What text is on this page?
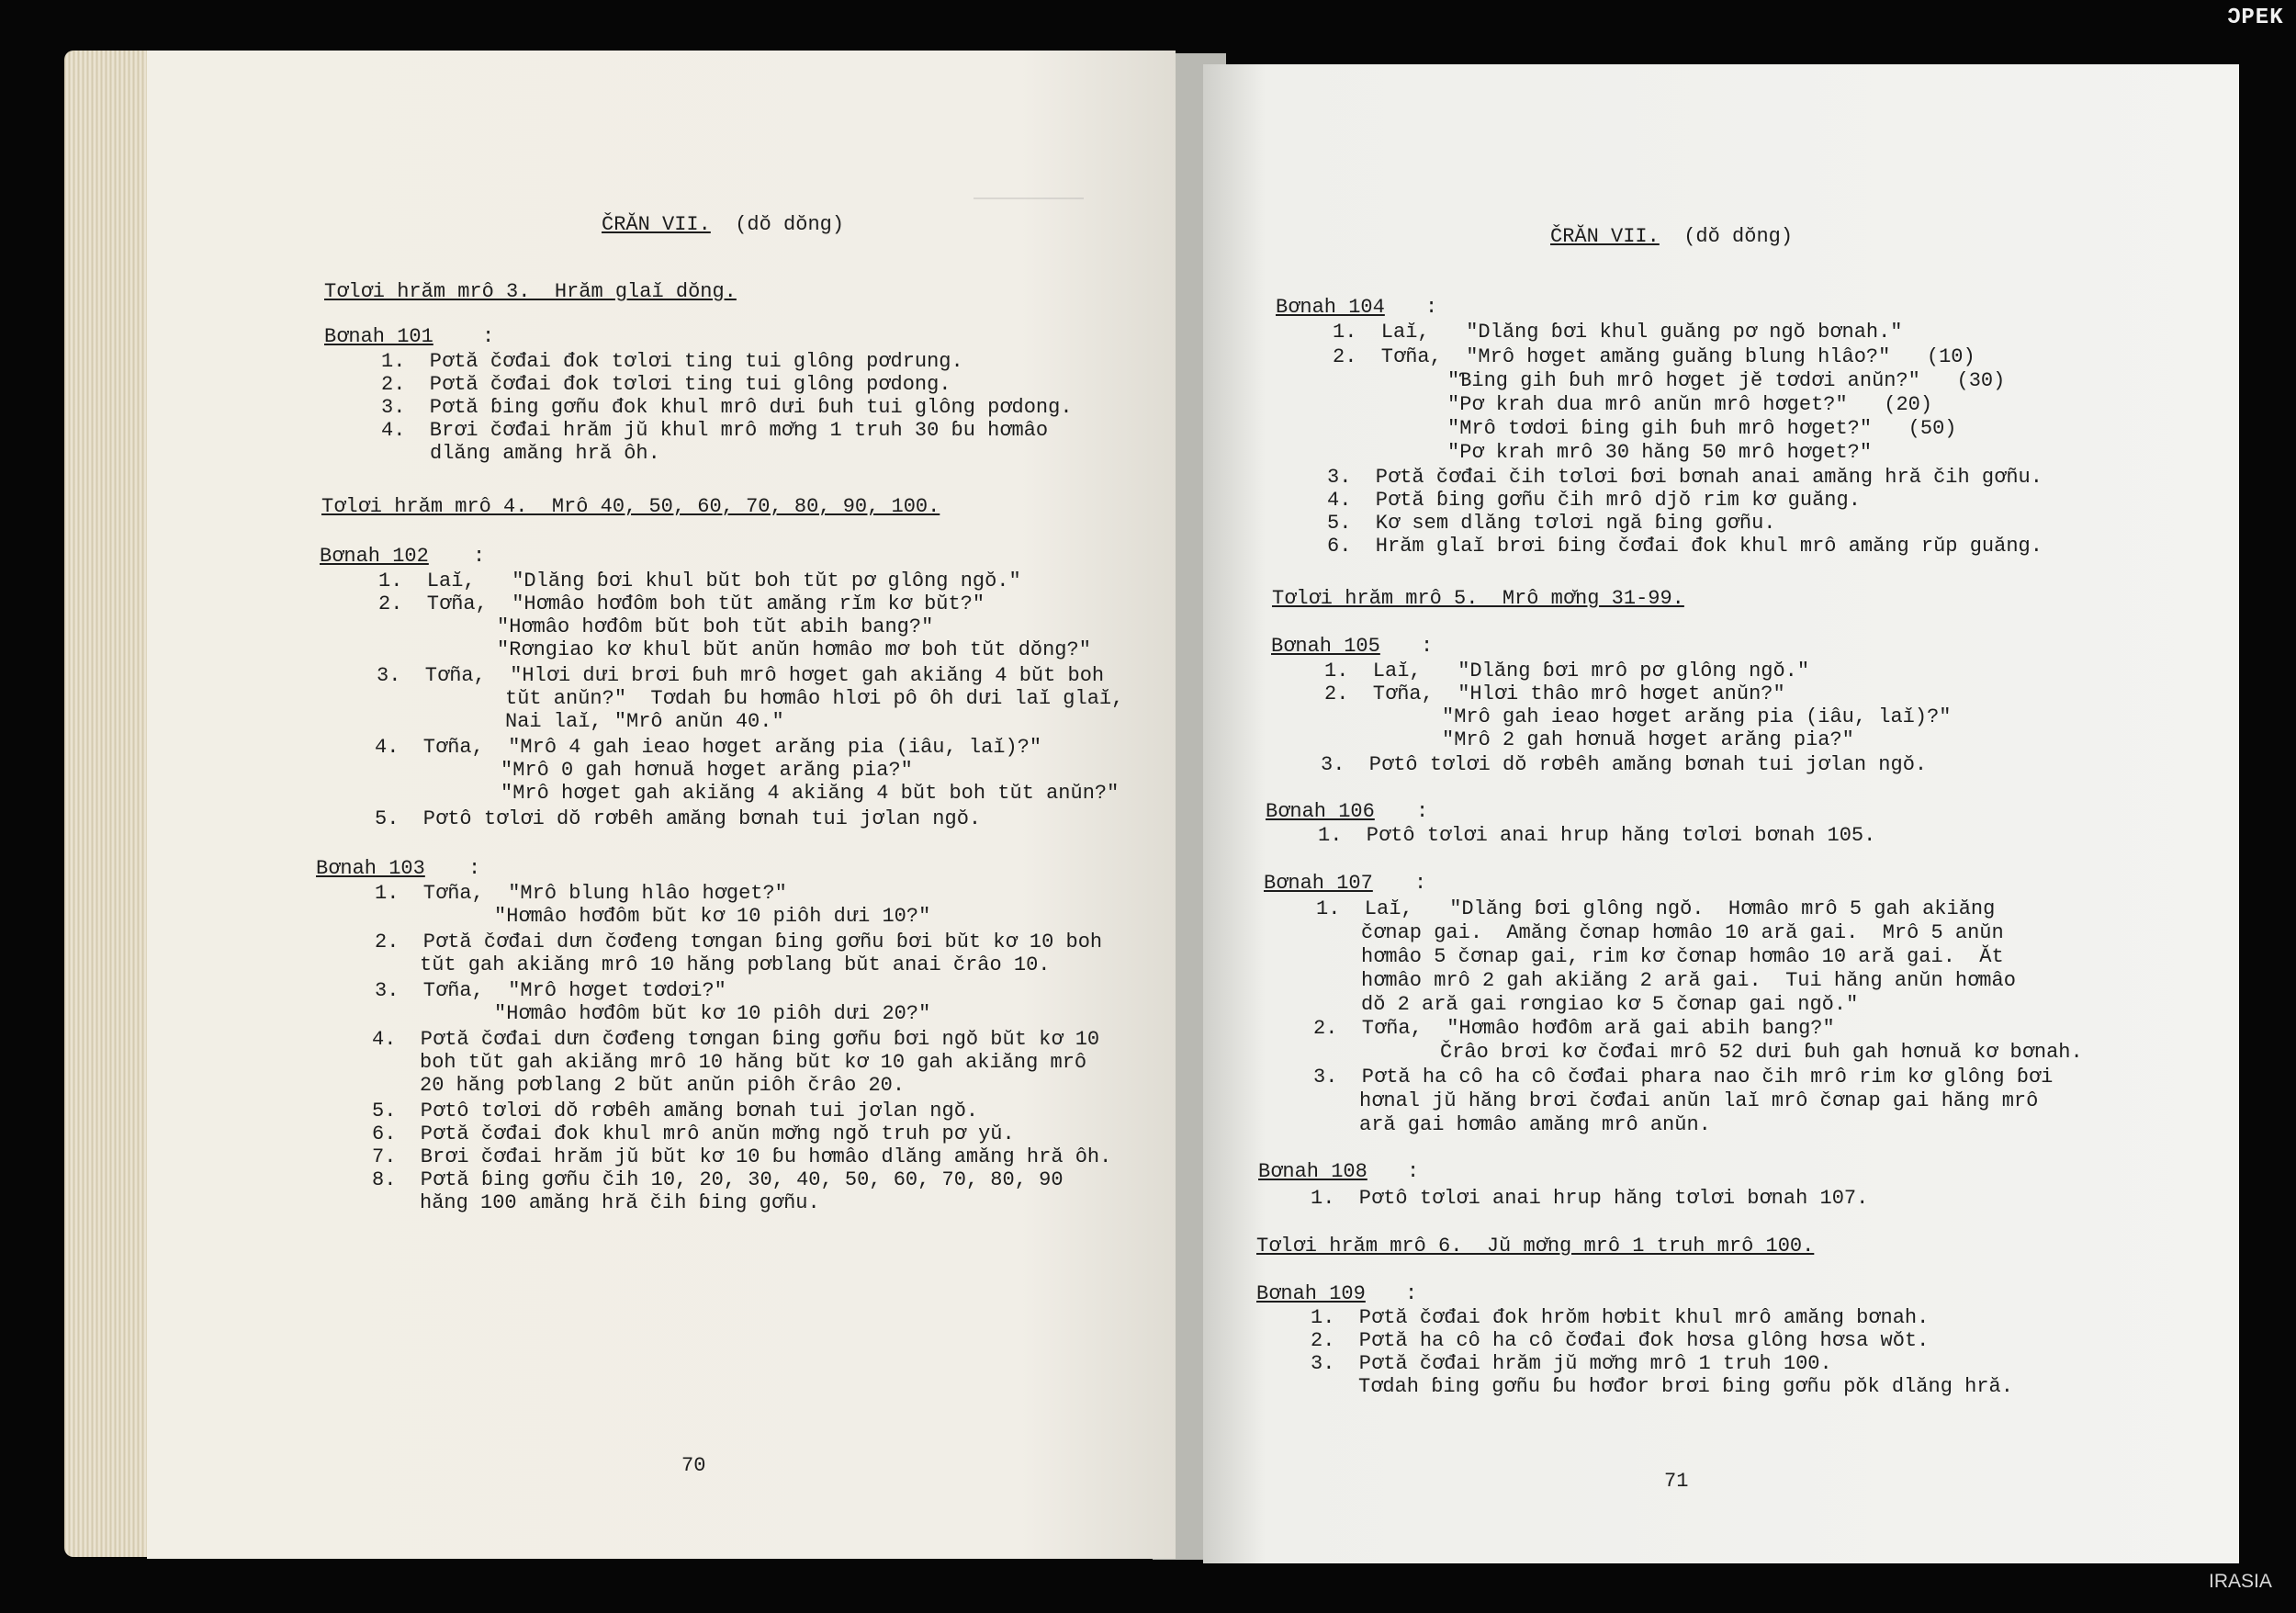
ƆPEK
ČRĂN VII. (dŏ dŏng)
Tơlơi hrăm mrô 3.  Hrăm glaĭ dŏng.
Bơnah 101 :
1.  Pơtă čơđai đok tơlơi ting tui glông pơdrung.
2.  Pơtă čơđai đok tơlơi ting tui glông pơdong.
3.  Pơtă ɓing gơñu đok khul mrô dưi ɓuh tui glông pơdong.
4.  Brơi čơđai hrăm jŭ khul mrô mơ̆ng 1 truh 30 ɓu hơmâo
dlăng amăng hră ôh.
Tơlơi hrăm mrô 4.  Mrô 40, 50, 60, 70, 80, 90, 100.
Bơnah 102 :
1.  Laĭ,   "Dlăng ɓơi khul bŭt boh tŭt pơ glông ngŏ."
2.  Tơña,  "Hơmâo hơđôm boh tŭt amăng rĭm kơ bŭt?"
"Hơmâo hơđôm bŭt boh tŭt abih bang?"
"Rơngiao kơ khul bŭt anŭn hơmâo mơ boh tŭt dŏng?"
3.  Tơña,  "Hlơi dưi brơi ɓuh mrô hơget gah akiăng 4 bŭt boh
tŭt anŭn?"  Tơdah ɓu hơmâo hlơi pô ôh dưi laĭ glaĭ,
Nai laĭ, "Mrô anŭn 40."
4.  Tơña,  "Mrô 4 gah ieao hơget arăng pia (iâu, laĭ)?"
"Mrô 0 gah hơnuă hơget arăng pia?"
"Mrô hơget gah akiăng 4 akiăng 4 bŭt boh tŭt anŭn?"
5.  Pơtô tơlơi dŏ rơbêh amăng bơnah tui jơlan ngŏ.
Bơnah 103 :
1.  Tơña,  "Mrô blung hlâo hơget?"
"Hơmâo hơđôm bŭt kơ 10 piôh dưi 10?"
2.  Pơtă čơđai dưn čơđeng tơngan ɓing gơñu ɓơi bŭt kơ 10 boh
tŭt gah akiăng mrô 10 hăng pơblang bŭt anai črâo 10.
3.  Tơña,  "Mrô hơget tơdơi?"
"Hơmâo hơđôm bŭt kơ 10 piôh dưi 20?"
4.  Pơtă čơđai dưn čơđeng tơngan ɓing gơñu ɓơi ngŏ bŭt kơ 10
boh tŭt gah akiăng mrô 10 hăng bŭt kơ 10 gah akiăng mrô
20 hăng pơblang 2 bŭt anŭn piôh črâo 20.
5.  Pơtô tơlơi dŏ rơbêh amăng bơnah tui jơlan ngŏ.
6.  Pơtă čơđai đok khul mrô anŭn mơ̆ng ngŏ truh pơ yŭ.
7.  Brơi čơđai hrăm jŭ bŭt kơ 10 ɓu hơmâo dlăng amăng hră ôh.
8.  Pơtă ɓing gơñu čih 10, 20, 30, 40, 50, 60, 70, 80, 90
hăng 100 amăng hră čih ɓing gơñu.
70
ČRĂN VII. (dŏ dŏng)
Bơnah 104 :
1.  Laĭ,   "Dlăng ɓơi khul guăng pơ ngŏ bơnah."
2.  Tơña,  "Mrô hơget amăng guăng blung hlâo?"   (10)
"Ɓing gih ɓuh mrô hơget jĕ tơdơi anŭn?"   (30)
"Pơ krah dua mrô anŭn mrô hơget?"   (20)
"Mrô tơdơi ɓing gih ɓuh mrô hơget?"   (50)
"Pơ krah mrô 30 hăng 50 mrô hơget?"
3.  Pơtă čơđai čih tơlơi ɓơi bơnah anai amăng hră čih gơñu.
4.  Pơtă ɓing gơñu čih mrô djŏ rim kơ guăng.
5.  Kơ sem dlăng tơlơi ngă ɓing gơñu.
6.  Hrăm glaĭ brơi ɓing čơđai đok khul mrô amăng rŭp guăng.
Tơlơi hrăm mrô 5.  Mrô mơ̆ng 31-99.
Bơnah 105 :
1.  Laĭ,   "Dlăng ɓơi mrô pơ glông ngŏ."
2.  Tơña,  "Hlơi thâo mrô hơget anŭn?"
"Mrô gah ieao hơget arăng pia (iâu, laĭ)?"
"Mrô 2 gah hơnuă hơget arăng pia?"
3.  Pơtô tơlơi dŏ rơbêh amăng bơnah tui jơlan ngŏ.
Bơnah 106 :
1.  Pơtô tơlơi anai hrup hăng tơlơi bơnah 105.
Bơnah 107 :
1.  Laĭ,   "Dlăng ɓơi glông ngŏ.  Hơmâo mrô 5 gah akiăng
čơnap gai.  Amăng čơnap hơmâo 10 ară gai.  Mrô 5 anŭn
hơmâo 5 čơnap gai, rim kơ čơnap hơmâo 10 ară gai.  Ăt
hơmâo mrô 2 gah akiăng 2 ară gai.  Tui hăng anŭn hơmâo
dŏ 2 ară gai rơngiao kơ 5 čơnap gai ngŏ."
2.  Tơña,  "Hơmâo hơđôm ară gai abih bang?"
Črâo brơi kơ čơđai mrô 52 dưi ɓuh gah hơnuă kơ bơnah.
3.  Pơtă ha cô ha cô čơđai phara nao čih mrô rim kơ glông ɓơi
hơnal jŭ hăng brơi čơđai anŭn laĭ mrô čơnap gai hăng mrô
ară gai hơmâo amăng mrô anŭn.
Bơnah 108 :
1.  Pơtô tơlơi anai hrup hăng tơlơi bơnah 107.
Tơlơi hrăm mrô 6.  Jŭ mơ̆ng mrô 1 truh mrô 100.
Bơnah 109 :
1.  Pơtă čơđai đok hrŏm hơbit khul mrô amăng bơnah.
2.  Pơtă ha cô ha cô čơđai đok hơsa glông hơsa wŏt.
3.  Pơtă čơđai hrăm jŭ mơ̆ng mrô 1 truh 100.
Tơdah ɓing gơñu ɓu hơđor brơi ɓing gơñu pŏk dlăng hră.
71
IRASIA
